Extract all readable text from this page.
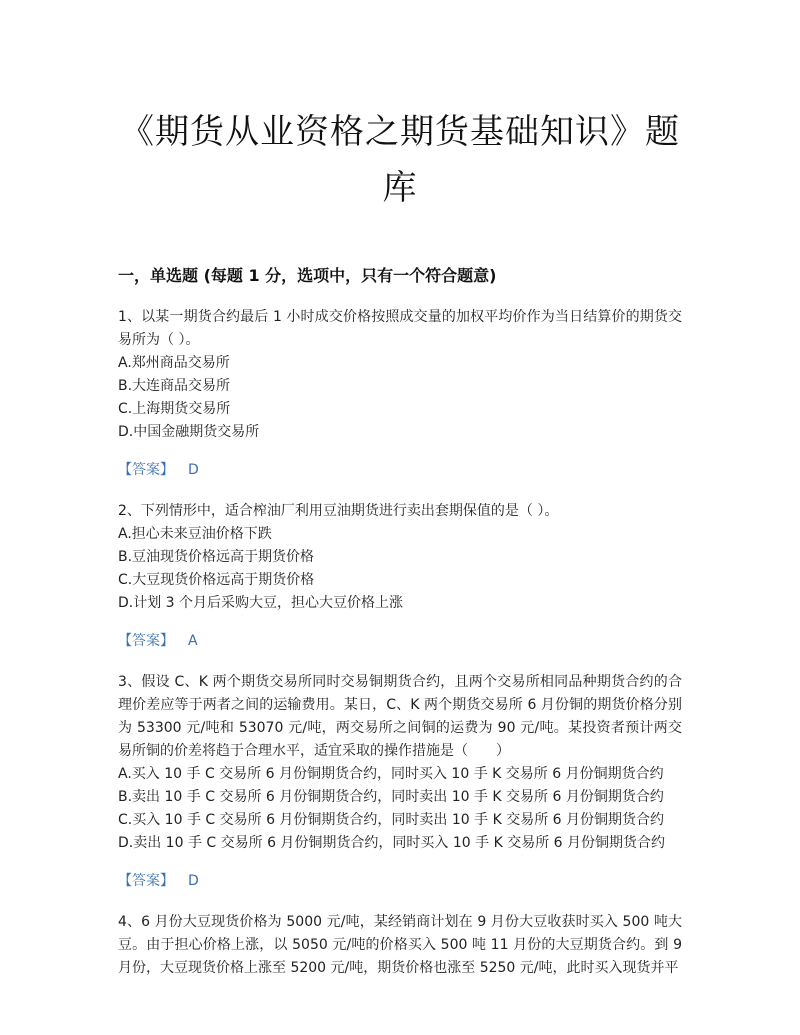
《期货从业资格之期货基础知识》题库
一，单选题 (每题 1 分，选项中，只有一个符合题意)

1、以某一期货合约最后 1 小时成交价格按照成交量的加权平均价作为当日结算价的期货交易所为（ ）。

A.郑州商品交易所
B.大连商品交易所
C.上海期货交易所
D.中国金融期货交易所
【答案】 D

2、下列情形中，适合榨油厂利用豆油期货进行卖出套期保值的是（ ）。

A.担心未来豆油价格下跌
B.豆油现货价格远高于期货价格
C.大豆现货价格远高于期货价格
D.计划 3 个月后采购大豆，担心大豆价格上涨
【答案】 A

3、假设 C、K 两个期货交易所同时交易铜期货合约，且两个交易所相同品种期货合约的合理价差应等于两者之间的运输费用。某日，C、K 两个期货交易所 6 月份铜的期货价格分别为 53300 元/吨和 53070 元/吨，两交易所之间铜的运费为 90 元/吨。某投资者预计两交易所铜的价差将趋于合理水平，适宜采取的操作措施是（　　）

A.买入 10 手 C 交易所 6 月份铜期货合约，同时买入 10 手 K 交易所 6 月份铜期货合约
B.卖出 10 手 C 交易所 6 月份铜期货合约，同时卖出 10 手 K 交易所 6 月份铜期货合约
C.买入 10 手 C 交易所 6 月份铜期货合约，同时卖出 10 手 K 交易所 6 月份铜期货合约
D.卖出 10 手 C 交易所 6 月份铜期货合约，同时买入 10 手 K 交易所 6 月份铜期货合约
【答案】 D

4、6 月份大豆现货价格为 5000 元/吨，某经销商计划在 9 月份大豆收获时买入 500 吨大豆。由于担心价格上涨，以 5050 元/吨的价格买入 500 吨 11 月份的大豆期货合约。到 9 月份，大豆现货价格上涨至 5200 元/吨，期货价格也涨至 5250 元/吨，此时买入现货并平
